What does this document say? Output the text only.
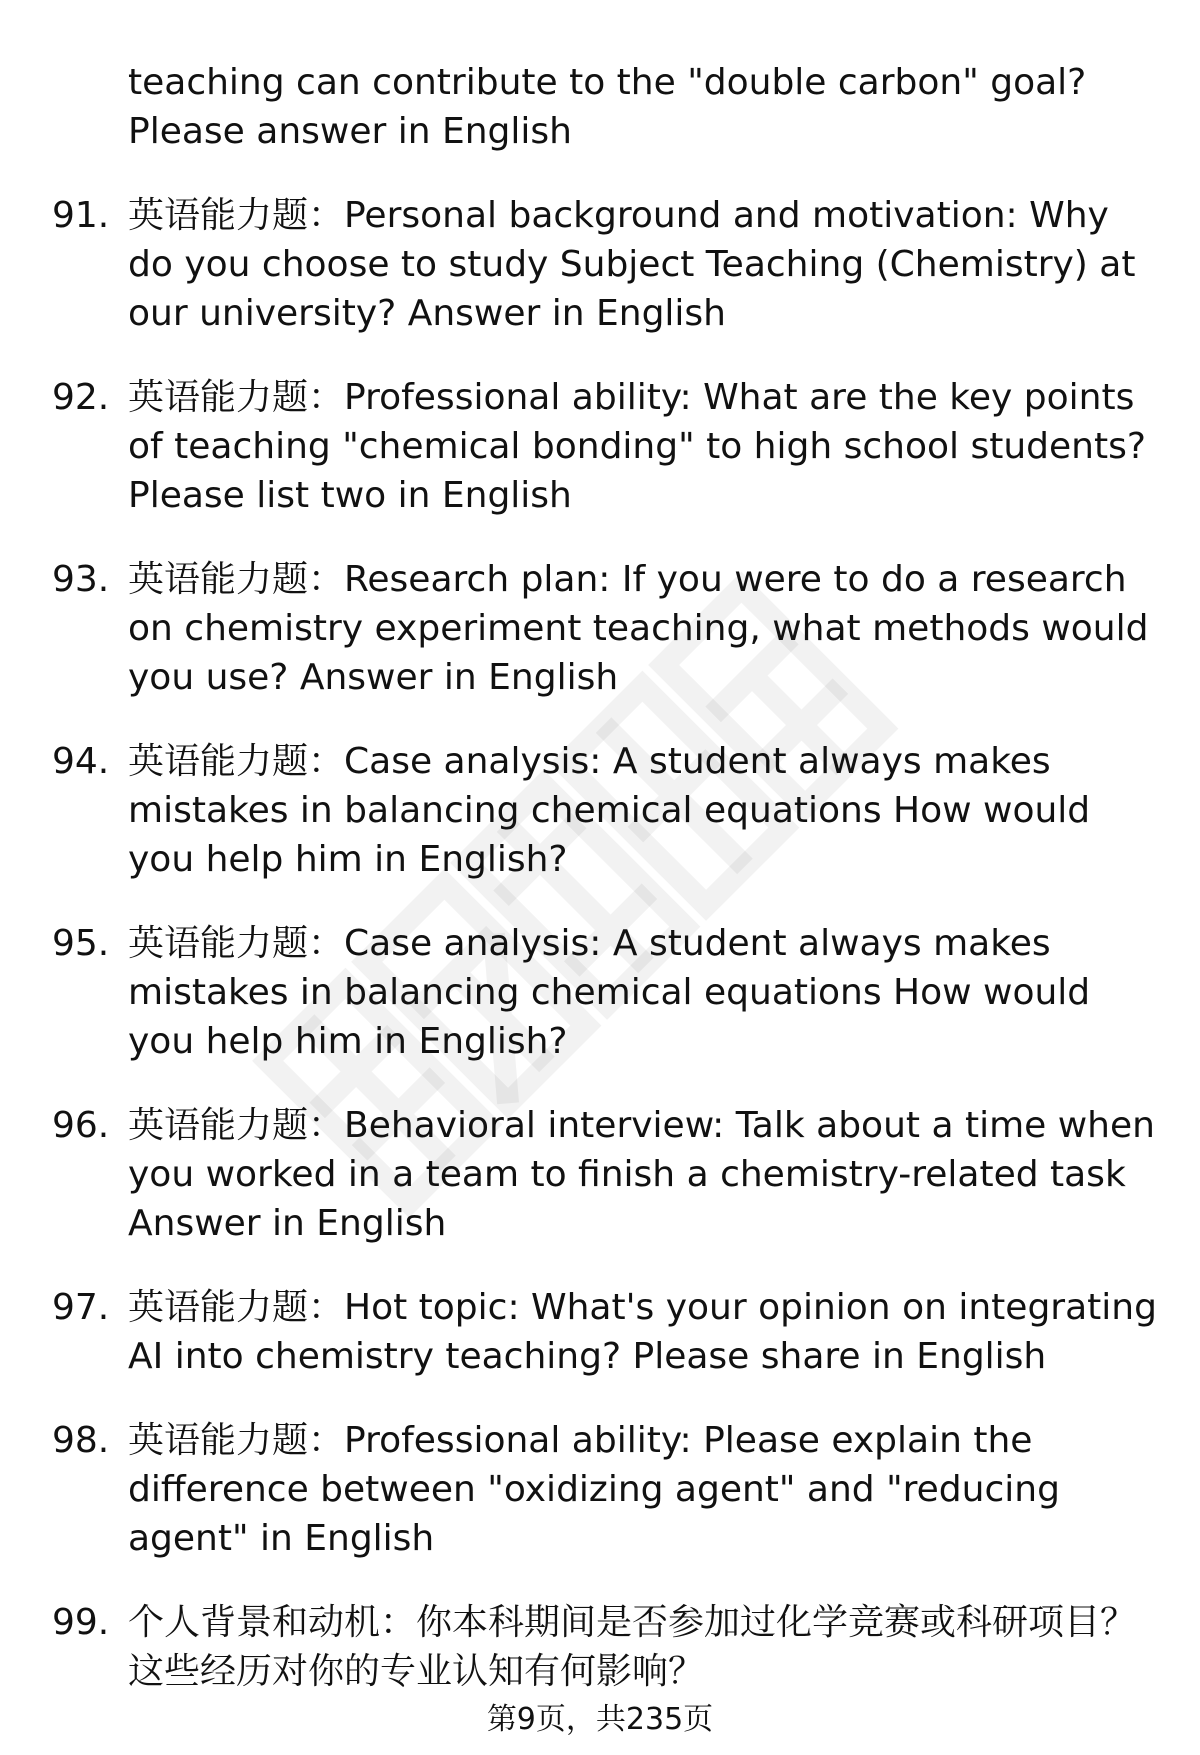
teaching can contribute to the "double carbon" goal? Please answer in English
91. 英语能力题：Personal background and motivation: Why do you choose to study Subject Teaching (Chemistry) at our university? Answer in English
92. 英语能力题：Professional ability: What are the key points of teaching "chemical bonding" to high school students? Please list two in English
93. 英语能力题：Research plan: If you were to do a research on chemistry experiment teaching, what methods would you use? Answer in English
94. 英语能力题：Case analysis: A student always makes mistakes in balancing chemical equations How would you help him in English?
95. 英语能力题：Case analysis: A student always makes mistakes in balancing chemical equations How would you help him in English?
96. 英语能力题：Behavioral interview: Talk about a time when you worked in a team to finish a chemistry-related task Answer in English
97. 英语能力题：Hot topic: What's your opinion on integrating AI into chemistry teaching? Please share in English
98. 英语能力题：Professional ability: Please explain the difference between "oxidizing agent" and "reducing agent" in English
99. 个人背景和动机：你本科期间是否参加过化学竞赛或科研项目？这些经历对你的专业认知有何影响？
第9页，共235页
